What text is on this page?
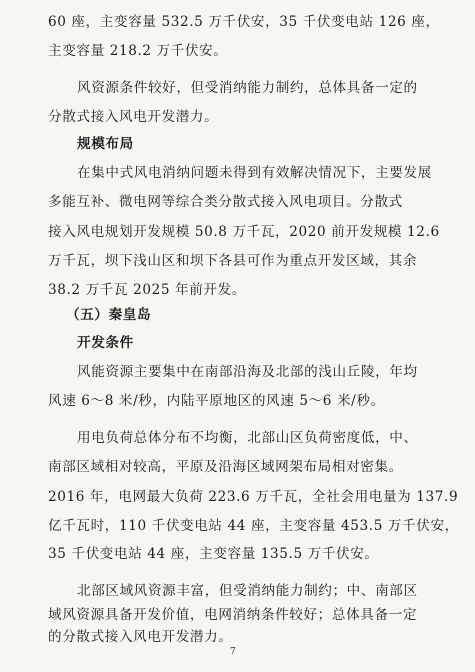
60 座，主变容量 532.5 万千伏安，35 千伏变电站 126 座，
主变容量 218.2 万千伏安。
风资源条件较好，但受消纳能力制约，总体具备一定的
分散式接入风电开发潜力。
规模布局
在集中式风电消纳问题未得到有效解决情况下，主要发展
多能互补、微电网等综合类分散式接入风电项目。分散式
接入风电规划开发规模 50.8 万千瓦，2020 前开发规模 12.6
万千瓦，坝下浅山区和坝下各县可作为重点开发区域，其余
38.2 万千瓦 2025 年前开发。
（五）秦皇岛
开发条件
风能资源主要集中在南部沿海及北部的浅山丘陵，年均
风速 6～8 米/秒，内陆平原地区的风速 5～6 米/秒。
用电负荷总体分布不均衡，北部山区负荷密度低，中、
南部区域相对较高，平原及沿海区域网架布局相对密集。
2016 年，电网最大负荷 223.6 万千瓦，全社会用电量为 137.9
亿千瓦时，110 千伏变电站 44 座，主变容量 453.5 万千伏安，
35 千伏变电站 44 座，主变容量 135.5 万千伏安。
北部区域风资源丰富，但受消纳能力制约；中、南部区
域风资源具备开发价值，电网消纳条件较好；总体具备一定
的分散式接入风电开发潜力。
7
